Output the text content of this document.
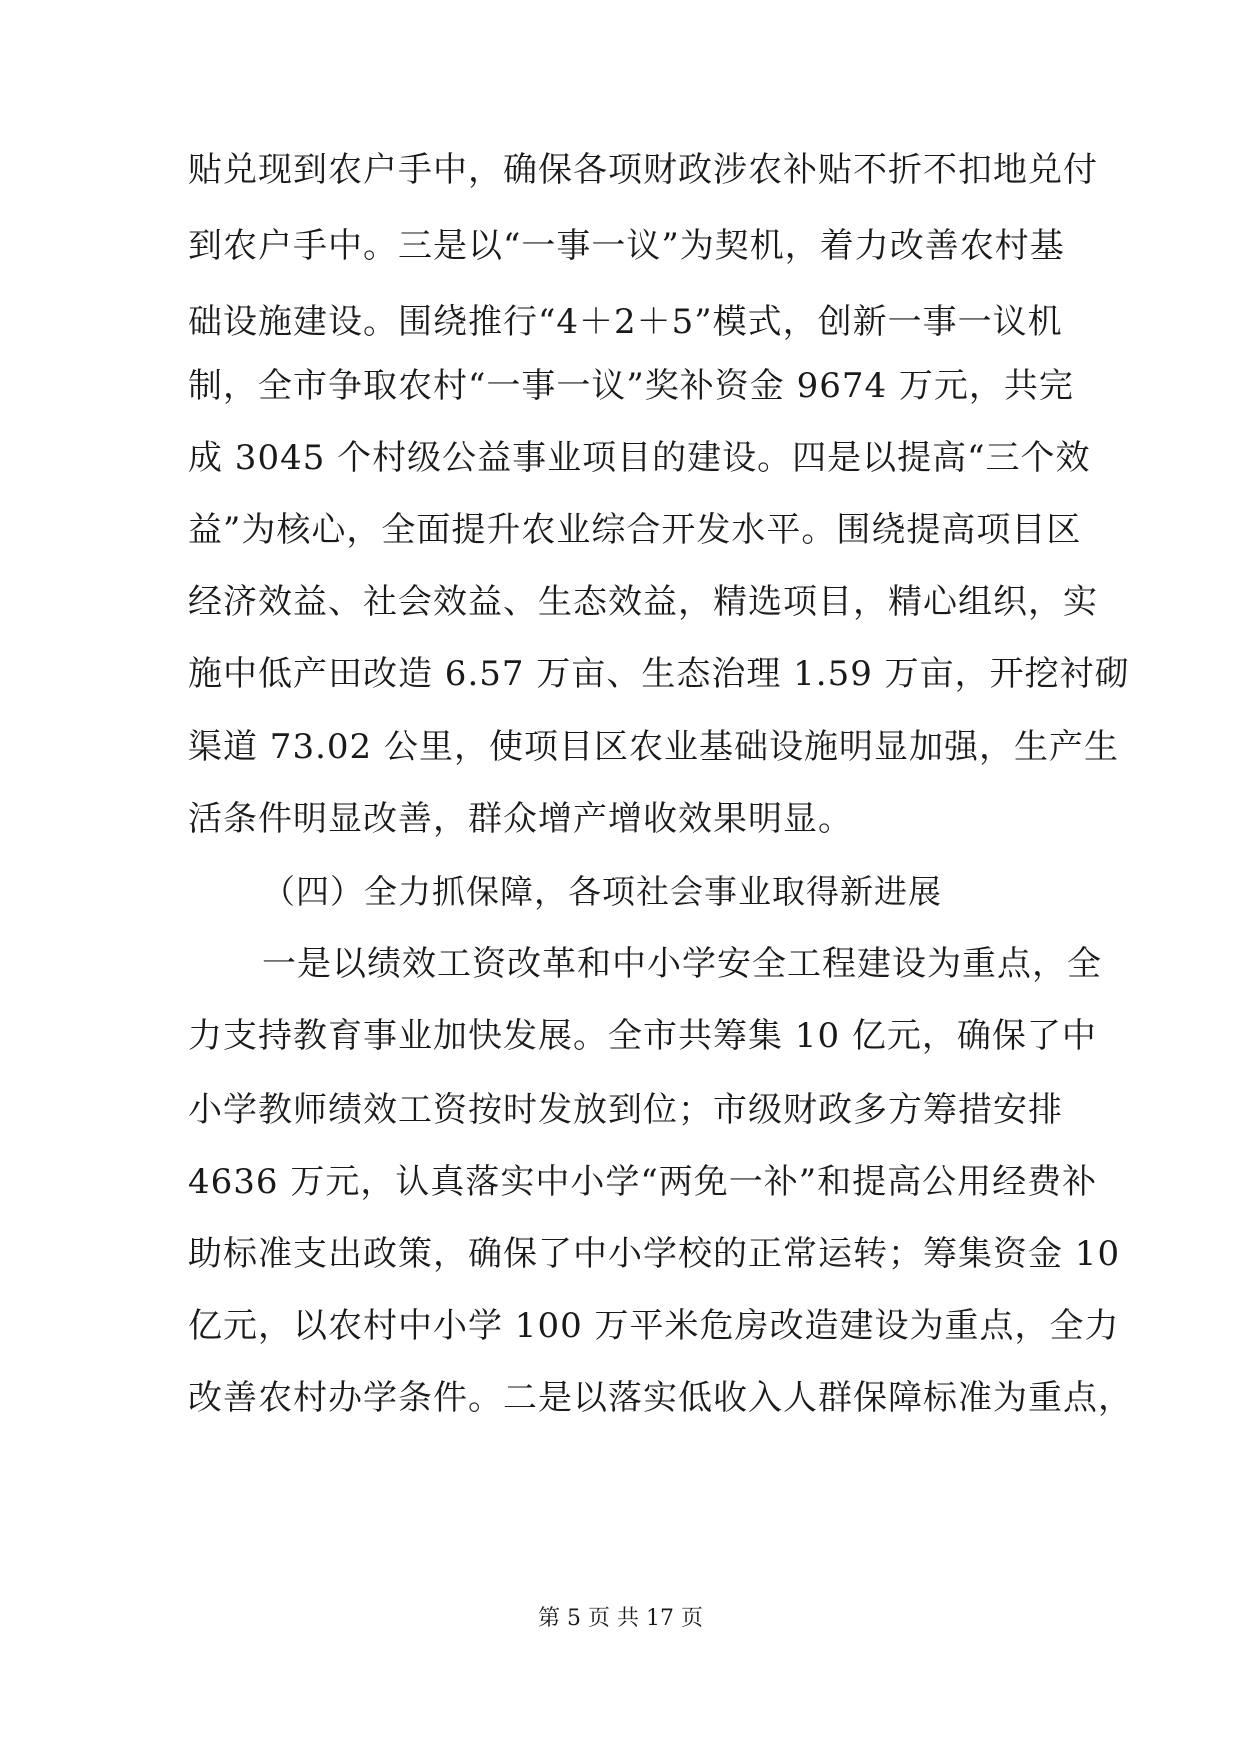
贴兑现到农户手中，确保各项财政涉农补贴不折不扣地兑付
到农户手中。三是以“一事一议”为契机，着力改善农村基
础设施建设。围绕推行“4＋2＋5”模式，创新一事一议机
制，全市争取农村“一事一议”奖补资金 9674 万元，共完
成 3045 个村级公益事业项目的建设。四是以提高“三个效
益”为核心，全面提升农业综合开发水平。围绕提高项目区
经济效益、社会效益、生态效益，精选项目，精心组织，实
施中低产田改造 6.57 万亩、生态治理 1.59 万亩，开挖衬砌
渠道 73.02 公里，使项目区农业基础设施明显加强，生产生
活条件明显改善，群众增产增收效果明显。
（四）全力抓保障，各项社会事业取得新进展
一是以绩效工资改革和中小学安全工程建设为重点，全
力支持教育事业加快发展。全市共筹集 10 亿元，确保了中
小学教师绩效工资按时发放到位；市级财政多方筹措安排
4636 万元，认真落实中小学“两免一补”和提高公用经费补
助标准支出政策，确保了中小学校的正常运转；筹集资金 10
亿元，以农村中小学 100 万平米危房改造建设为重点，全力
改善农村办学条件。二是以落实低收入人群保障标准为重点，
第 5 页 共 17 页
